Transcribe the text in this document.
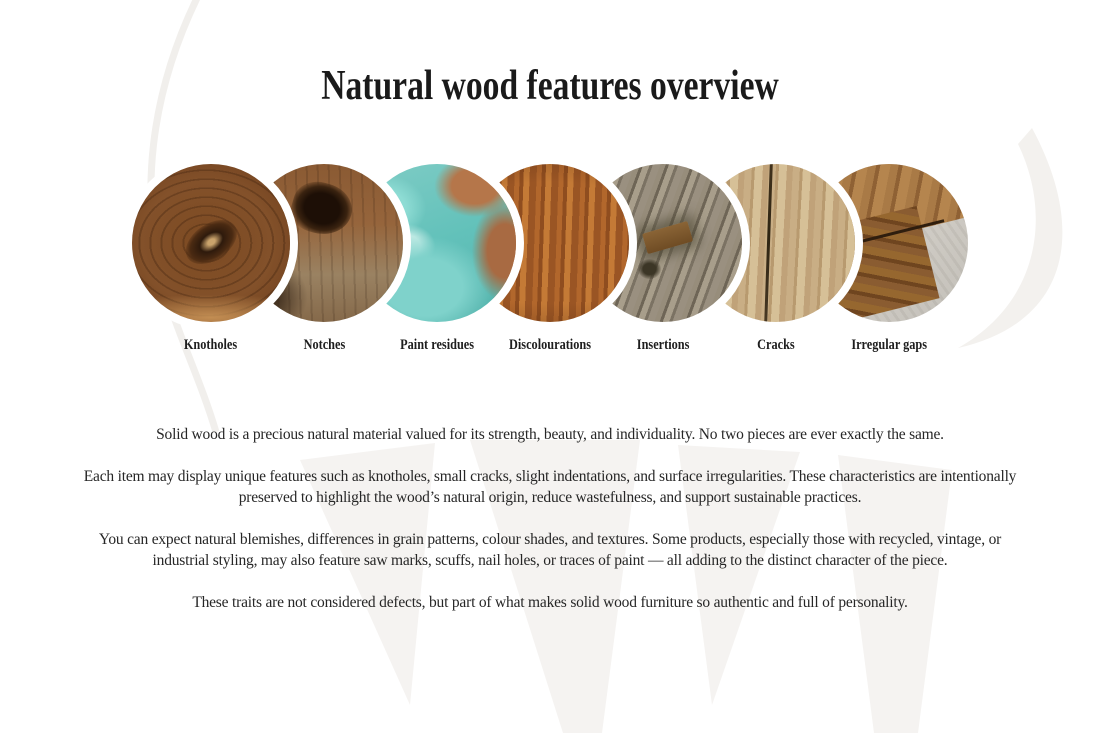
Natural wood features overview
Knotholes	Notches	Paint residues	Discolourations	Insertions	Cracks	Irregular gaps

Solid wood is a precious natural material valued for its strength, beauty, and individuality. No two pieces are ever exactly the same.

Each item may display unique features such as knotholes, small cracks, slight indentations, and surface irregularities. These characteristics are intentionally preserved to highlight the wood’s natural origin, reduce wastefulness, and support sustainable practices.

You can expect natural blemishes, differences in grain patterns, colour shades, and textures. Some products, especially those with recycled, vintage, or industrial styling, may also feature saw marks, scuffs, nail holes, or traces of paint — all adding to the distinct character of the piece.

These traits are not considered defects, but part of what makes solid wood furniture so authentic and full of personality.
